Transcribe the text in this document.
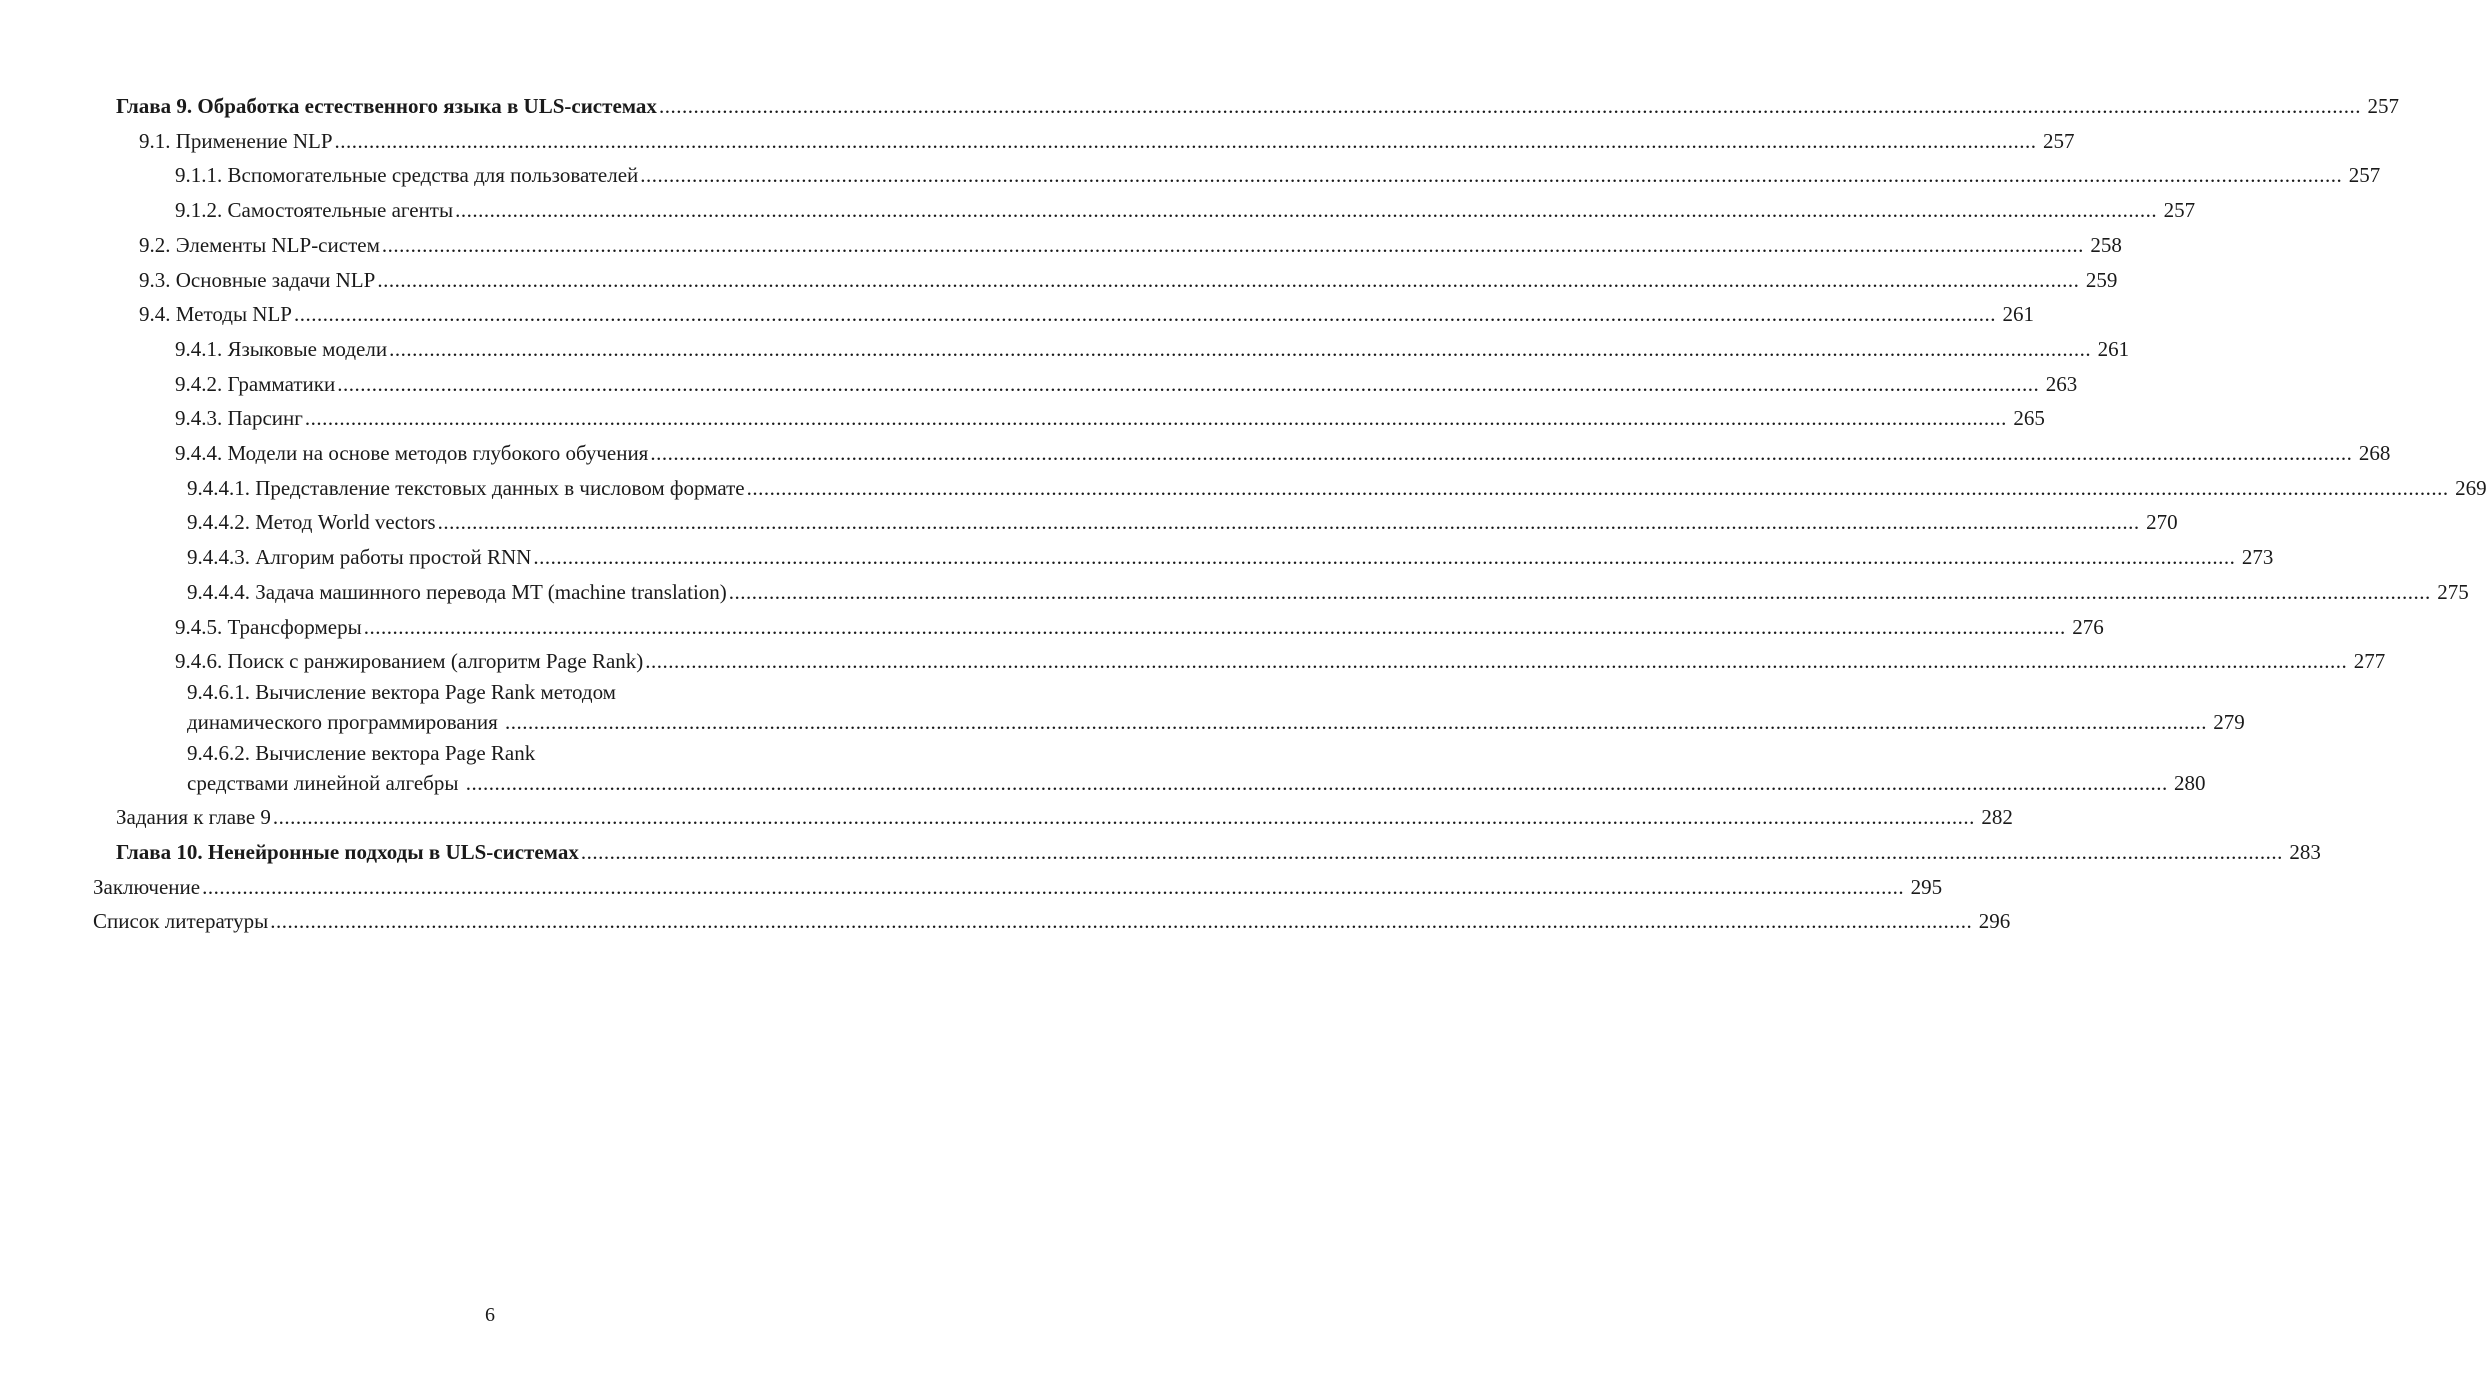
Глава 9. Обработка естественного языка в ULS-системах .....	257
9.1. Применение NLP .....	257
9.1.1. Вспомогательные средства для пользователей .....	257
9.1.2. Самостоятельные агенты .....	257
9.2. Элементы NLP-систем .....	258
9.3. Основные задачи NLP .....	259
9.4. Методы NLP .....	261
9.4.1. Языковые модели .....	261
9.4.2. Грамматики .....	263
9.4.3. Парсинг .....	265
9.4.4. Модели на основе методов глубокого обучения .....	268
9.4.4.1. Представление текстовых данных в числовом формате .....	269
9.4.4.2. Метод World vectors .....	270
9.4.4.3. Алгорим работы простой RNN .....	273
9.4.4.4. Задача машинного перевода MT (machine translation) .....	275
9.4.5. Трансформеры .....	276
9.4.6. Поиск с ранжированием (алгоритм Page Rank) .....	277
9.4.6.1. Вычисление вектора Page Rank методом
динамического программирования .....	279
9.4.6.2. Вычисление вектора Page Rank
средствами линейной алгебры .....	280
Задания к главе 9 .....	282
Глава 10. Ненейронные подходы в ULS-системах .....	283
Заключение .....	295
Список литературы .....	296
6
